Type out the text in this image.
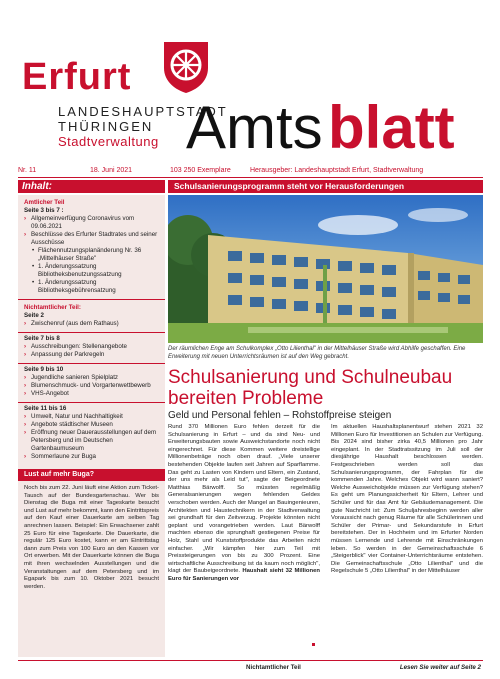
Erfurt
LANDESHAUPTSTADT
THÜRINGEN
Stadtverwaltung Amts blatt
Nr. 11	18. Juni 2021	103 250 Exemplare	Herausgeber: Landeshauptstadt Erfurt, Stadtverwaltung
Inhalt:	Schulsanierungsprogramm steht vor Herausforderungen
Amtlicher Teil
Seite 3 bis 7 :
› Allgemeinverfügung Coronavirus vom 09.06.2021
› Beschlüsse des Erfurter Stadtrates und seiner Ausschüsse
• Flächennutzungsplanänderung Nr. 36 „Mittelhäuser Straße"
• 1. Änderungssatzung Bibliotheksbenutzungssatzung
• 1. Änderungssatzung Bibliotheksgebührensatzung
Nichtamtlicher Teil:
Seite 2
› Zwischenruf (aus dem Rathaus)
Seite 7 bis 8
› Ausschreibungen: Stellenangebote
› Anpassung der Parkregeln
Seite 9 bis 10
› Jugendliche sanieren Spielplatz
› Blumenschmuck- und Vorgartenwettbewerb
› VHS-Angebot
Seite 11 bis 16
› Umwelt, Natur und Nachhaltigkeit
› Angebote städtischer Museen
› Eröffnung neuer Dauerausstellungen auf dem Petersberg und im Deutschen Gartenbaumuseum
› Sommerlaune zur Buga
Lust auf mehr Buga?
Noch bis zum 22. Juni läuft eine Aktion zum Ticket-Tausch auf der Bundesgartenschau. Wer bis Dienstag die Buga mit einer Tageskarte besucht und Lust auf mehr bekommt, kann den Eintrittspreis auf den Kauf einer Dauerkarte am selben Tag anrechnen lassen. Beispiel: Ein Erwachsener zahlt 25 Euro für eine Tageskarte. Die Dauerkarte, die regulär 125 Euro kostet, kann er am Eintrittstag dann zum Preis von 100 Euro an den Kassen vor Ort erwerben. Mit der Dauerkarte können die Buga mit ihren wechselnden Ausstellungen und die Veranstaltungen auf dem Petersberg und im Egapark bis zum 10. Oktober 2021 besucht werden.
Der räumlichen Enge am Schulkomplex „Otto Lilienthal" in der Mittelhäuser Straße wird Abhilfe geschaffen. Eine Erweiterung mit neuen Unterrichtsräumen ist auf den Weg gebracht.
Schulsanierung und Schulneubau bereiten Probleme
Geld und Personal fehlen – Rohstoffpreise steigen
Rund 370 Millionen Euro fehlen derzeit für die Schulsanierung in Erfurt – und da sind Neu- und Erweiterungsbauten sowie Ausweichstandorte noch nicht eingerechnet. Für diese Kommen weitere dreistellige Millionenbeträge noch oben drauf. „Viele unserer bestehenden Objekte laufen seit Jahren auf Sparflamme. Das geht zu Lasten von Kindern und Eltern, ein Zustand, der uns mehr als Leid tut", sagte der Beigeordnete Matthias Bärwolff. So müssten regelmäßig Generalsanierungen wegen fehlenden Geldes verschoben werden. Auch der Mangel an Bauingenieuren, Architekten und Haustechnikern in der Stadtverwaltung sei grundhaft für den Zeitverzug. Projekte könnten nicht geplant und vorangetrieben werden. Laut Bärwolff machten ebenso die sprunghaft gestiegenen Preise für Holz, Stahl und Kunststoffprodukte das Arbeiten nicht einfacher. „Wir kämpfen hier zum Teil mit Preissteigerungen von bis zu 300 Prozent. Eine wirtschaftliche Ausschreibung ist da kaum noch möglich", klagt der Baubeigeordnete. Haushalt sieht 32 Millionen Euro für Sanierungen vor
Im aktuellen Haushaltsplanentwurf stehen 2021 32 Millionen Euro für Investitionen an Schulen zur Verfügung. Bis 2024 sind bisher zirka 40,5 Millionen pro Jahr eingeplant. In der Stadtratssitzung im Juli soll der diesjährige Haushalt beschlossen werden. Festgeschrieben werden soll das Schulsanierungsprogramm, der Fahrplan für die kommenden Jahre. Welches Objekt wird wann saniert? Welche Ausweichobjekte müssen zur Verfügung stehen? Es geht um Planungssicherheit für Eltern, Lehrer und Schüler und für das Amt für Gebäudemanagement. Die gute Nachricht ist: Zum Schuljahresbeginn werden aller Voraussicht nach genug Räume für alle Schülerinnen und Schüler der Primar- und Sekundarstufe in Erfurt bereitstehen. Der in Hochheim und im Erfurter Norden müssen Lernende und Lehrende mit Einschränkungen leben. So werden in der Gemeinschaftsschule 6 „Steigerblick" vier Container-Unterrichtsräume entstehen. Die Gemeinschaftsschule „Otto Lilienthal" und die Regelschule 5 „Otto Lilienthal" in der Mittelhäuser
Nichtamtlicher Teil	Lesen Sie weiter auf Seite 2
